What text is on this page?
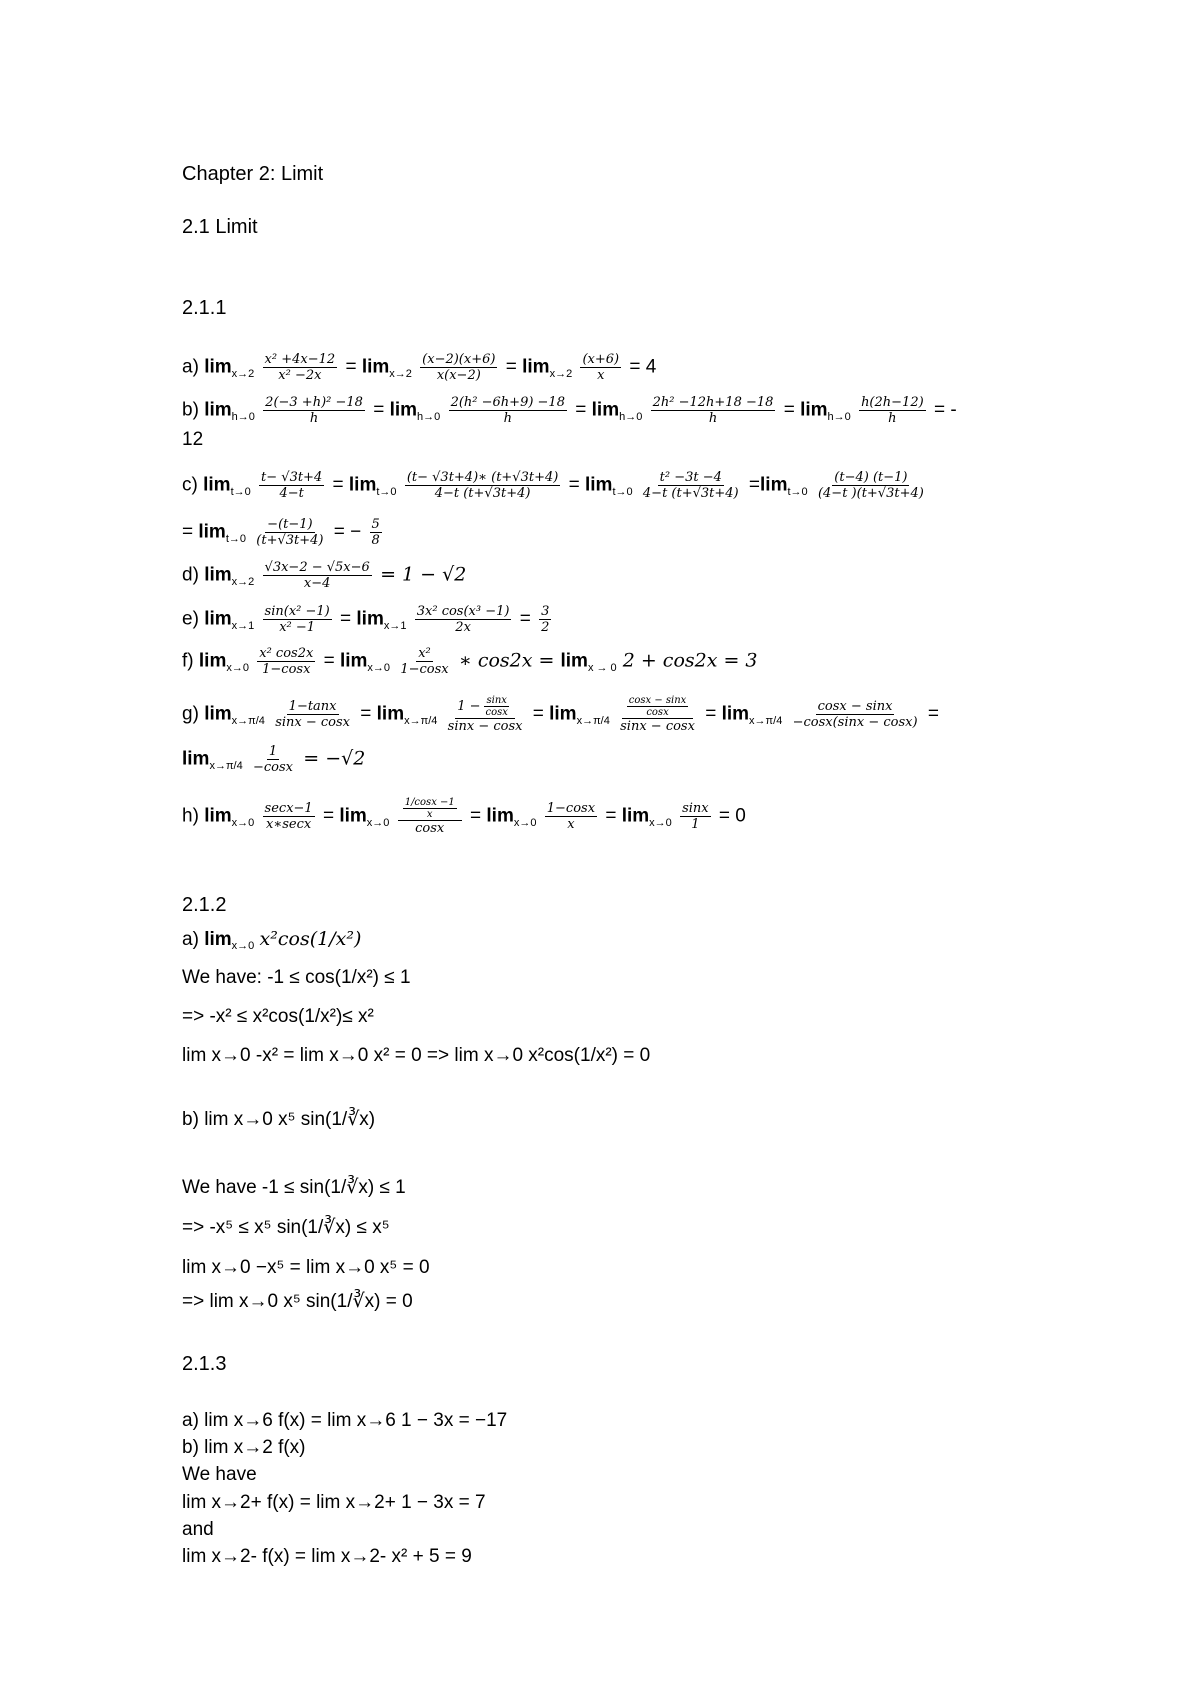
Chapter 2: Limit
2.1 Limit
2.1.1
a) $\lim_{x\to 2} \frac{\text{x² +4x−12}}{\text{x² −2x}} = \lim_{x\to 2} \frac{(x-2)(x+6)}{x(x-2)} = \lim_{x\to 2} \frac{(x+6)}{x} = 4$
b) $\lim_{h\to 0} \frac{\text{2(−3 +h)² −18}}{h} = \lim_{h\to 0} \frac{\text{2(h² −6h+9) −18}}{h} = \lim_{h\to 0} \frac{\text{2h² −12h+18 −18}}{h} = \lim_{h\to 0} \frac{h(2h-12)}{h}$ = -
12
c) $\lim_{t\to 0} \frac{t- √3t+4}{4-t} = \lim_{t\to 0} \frac{(t- √3t+4)∗ (t+√3t+4)}{4-t (t+√3t+4)} = \lim_{t\to 0} \frac{\text{t² −3t −4}}{4-t (t+√3t+4)} =\lim_{t\to 0} \frac{(t-4) (t-1)}{(4-t )(t+√3t+4)}$
= $\lim_{t\to 0} \frac{-(t-1)}{(t+√3t+4)}$ = − $\frac{5}{8}$
d) $\lim_{x\to 2} \frac{√3x-2 - √5x-6}{x-4} = 1 - √2$
e) $\lim_{x\to 1} \frac{\text{sin(x² −1)}}{\text{x² −1}} = \lim_{x\to 1} \frac{\text{3x² cos(x³ −1)}}{2x} = \frac{3}{2}$
f) $\lim_{x\to 0} \frac{\text{x² cos2x}}{1-\cos x} = \lim_{x\to 0} \frac{\text{x²}}{1-\cos x}$ ∗ $\cos 2x = \lim_{x \to 0} 2 + \cos 2x = 3$
g) $\lim_{x\to\pi/4} \frac{1-\tan x}{\sin x - \cos x} = \lim_{x\to\pi/4} \frac{1 - \frac{\sin x}{\cos x}}{\sin x - \cos x} = \lim_{x\to\pi/4} \frac{\frac{\cos x - \sin x}{\cos x}}{\sin x - \cos x} = \lim_{x\to\pi/4} \frac{\cos x - \sin x}{-\cos x(\sin x - \cos x)}$ =
$\lim_{x\to\pi/4} \frac{1}{-\cos x} = -√2$
h) $\lim_{x\to 0} \frac{\sec x-1}{x∗\sec x} = \lim_{x\to 0} \frac{\frac{1/\cos x -1}{x}}{\cos x} = \lim_{x\to 0} \frac{1-\cos x}{x} = \lim_{x\to 0} \frac{\sin x}{1} = 0$
2.1.2
a) $\lim_{x\to 0} x^2\cos(1/x^2)$
We have: -1 ≤ cos(1/x²) ≤ 1
=> -x² ≤ x²cos(1/x²)≤ x²
lim x→0 -x² = lim x→0 x² = 0 => lim x→0 x²cos(1/x²) = 0
b) lim x→0 x⁵ sin(1/∛x)
We have -1 ≤ sin(1/∛x) ≤ 1
=> -x⁵ ≤ x⁵ sin(1/∛x) ≤ x⁵
lim x→0 −x⁵ = lim x→0 x⁵ = 0
=> lim x→0 x⁵ sin(1/∛x) = 0
2.1.3
a) lim x→6 f(x) = lim x→6 1 − 3x = −17
b) lim x→2 f(x)
We have
lim x→2+ f(x) = lim x→2+ 1 − 3x = 7
and
lim x→2- f(x) = lim x→2- x² + 5 = 9
